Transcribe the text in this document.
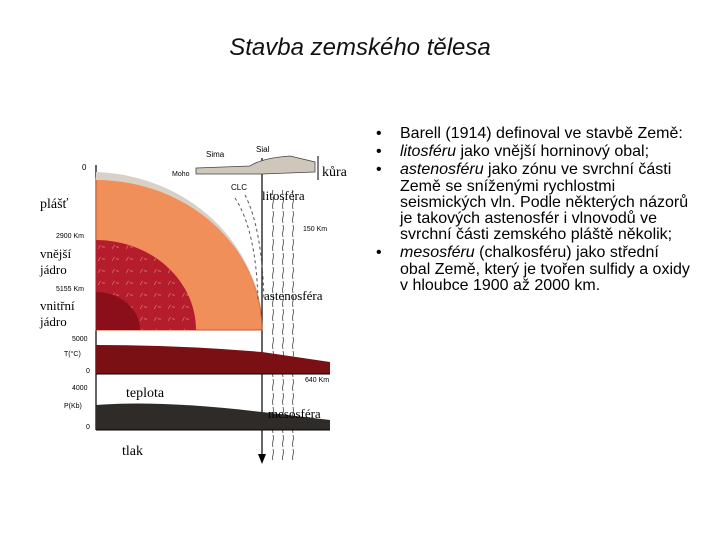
Stavba zemského tělesa
• Barell (1914) definoval ve stavbě Země:
• litosféru jako vnější horninový obal;
• astenosféru jako zónu ve svrchní části Země se sníženými rychlostmi seismických vln. Podle některých názorů je takových astenosfér i vlnovodů ve svrchní části zemského pláště několik;
• mesosféru (chalkosféru) jako střední obal Země, který je tvořen sulfidy a oxidy v hloubce 1900 až 2000 km.
plášť
vnější
jádro
vnitřní
jádro
kůra
litosféra
astenosféra
mesosféra
teplota
tlak
Sima
Sial
Moho
CLC
0
2900 Km
5155 Km
150 Km
640 Km
5000
T(°C)
0
4000
P(Kb)
0
